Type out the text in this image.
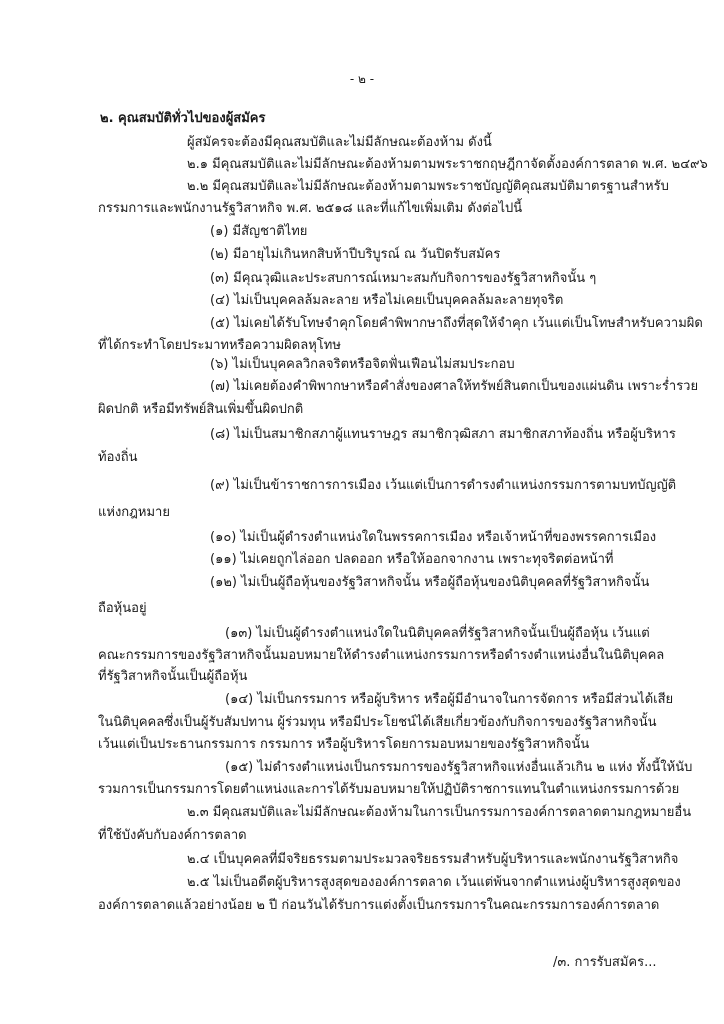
- ๒ -
๒. คุณสมบัติทั่วไปของผู้สมัคร
ผู้สมัครจะต้องมีคุณสมบัติและไม่มีลักษณะต้องห้าม ดังนี้
๒.๑ มีคุณสมบัติและไม่มีลักษณะต้องห้ามตามพระราชกฤษฎีกาจัดตั้งองค์การตลาด พ.ศ. ๒๔๙๖
๒.๒ มีคุณสมบัติและไม่มีลักษณะต้องห้ามตามพระราชบัญญัติคุณสมบัติมาตรฐานสำหรับ
กรรมการและพนักงานรัฐวิสาหกิจ พ.ศ. ๒๕๑๘ และที่แก้ไขเพิ่มเติม ดังต่อไปนี้
(๑) มีสัญชาติไทย
(๒) มีอายุไม่เกินหกสิบห้าปีบริบูรณ์ ณ วันปิดรับสมัคร
(๓) มีคุณวุฒิและประสบการณ์เหมาะสมกับกิจการของรัฐวิสาหกิจนั้น ๆ
(๔) ไม่เป็นบุคคลล้มละลาย หรือไม่เคยเป็นบุคคลล้มละลายทุจริต
(๕) ไม่เคยได้รับโทษจำคุกโดยคำพิพากษาถึงที่สุดให้จำคุก เว้นแต่เป็นโทษสำหรับความผิด
ที่ได้กระทำโดยประมาทหรือความผิดลหุโทษ
(๖) ไม่เป็นบุคคลวิกลจริตหรือจิตฟั่นเฟือนไม่สมประกอบ
(๗) ไม่เคยต้องคำพิพากษาหรือคำสั่งของศาลให้ทรัพย์สินตกเป็นของแผ่นดิน เพราะร่ำรวย
ผิดปกติ หรือมีทรัพย์สินเพิ่มขึ้นผิดปกติ
(๘) ไม่เป็นสมาชิกสภาผู้แทนราษฎร สมาชิกวุฒิสภา สมาชิกสภาท้องถิ่น หรือผู้บริหาร
ท้องถิ่น
(๙) ไม่เป็นข้าราชการการเมือง เว้นแต่เป็นการดำรงตำแหน่งกรรมการตามบทบัญญัติ
แห่งกฎหมาย
(๑๐) ไม่เป็นผู้ดำรงตำแหน่งใดในพรรคการเมือง หรือเจ้าหน้าที่ของพรรคการเมือง
(๑๑) ไม่เคยถูกไล่ออก ปลดออก หรือให้ออกจากงาน เพราะทุจริตต่อหน้าที่
(๑๒) ไม่เป็นผู้ถือหุ้นของรัฐวิสาหกิจนั้น หรือผู้ถือหุ้นของนิติบุคคลที่รัฐวิสาหกิจนั้น
ถือหุ้นอยู่
(๑๓) ไม่เป็นผู้ดำรงตำแหน่งใดในนิติบุคคลที่รัฐวิสาหกิจนั้นเป็นผู้ถือหุ้น เว้นแต่
คณะกรรมการของรัฐวิสาหกิจนั้นมอบหมายให้ดำรงตำแหน่งกรรมการหรือดำรงตำแหน่งอื่นในนิติบุคคล
ที่รัฐวิสาหกิจนั้นเป็นผู้ถือหุ้น
(๑๔) ไม่เป็นกรรมการ หรือผู้บริหาร หรือผู้มีอำนาจในการจัดการ หรือมีส่วนได้เสีย
ในนิติบุคคลซึ่งเป็นผู้รับสัมปทาน ผู้ร่วมทุน หรือมีประโยชน์ได้เสียเกี่ยวข้องกับกิจการของรัฐวิสาหกิจนั้น
เว้นแต่เป็นประธานกรรมการ กรรมการ หรือผู้บริหารโดยการมอบหมายของรัฐวิสาหกิจนั้น
(๑๕) ไม่ดำรงตำแหน่งเป็นกรรมการของรัฐวิสาหกิจแห่งอื่นแล้วเกิน ๒ แห่ง ทั้งนี้ให้นับ
รวมการเป็นกรรมการโดยตำแหน่งและการได้รับมอบหมายให้ปฏิบัติราชการแทนในตำแหน่งกรรมการด้วย
๒.๓ มีคุณสมบัติและไม่มีลักษณะต้องห้ามในการเป็นกรรมการองค์การตลาดตามกฎหมายอื่น
ที่ใช้บังคับกับองค์การตลาด
๒.๔ เป็นบุคคลที่มีจริยธรรมตามประมวลจริยธรรมสำหรับผู้บริหารและพนักงานรัฐวิสาหกิจ
๒.๕ ไม่เป็นอดีตผู้บริหารสูงสุดขององค์การตลาด เว้นแต่พ้นจากตำแหน่งผู้บริหารสูงสุดของ
องค์การตลาดแล้วอย่างน้อย ๒ ปี ก่อนวันได้รับการแต่งตั้งเป็นกรรมการในคณะกรรมการองค์การตลาด
/๓. การรับสมัคร...
